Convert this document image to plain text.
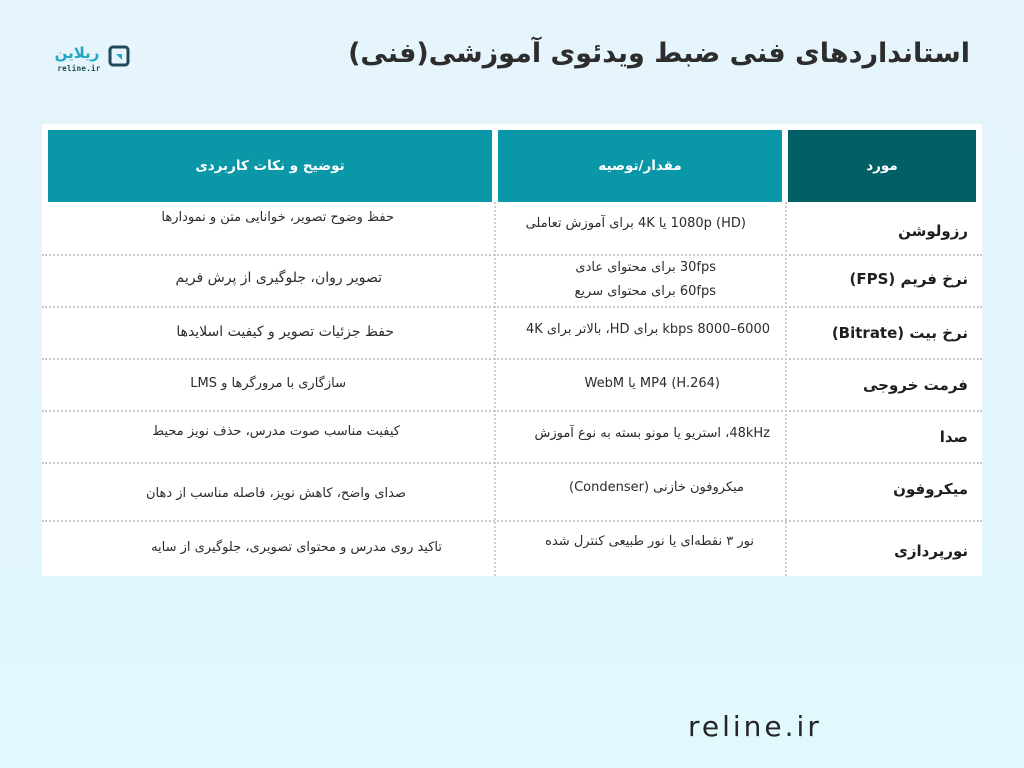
استانداردهای فنی ضبط ویدئوی آموزشی(فنی)
ریلاین
reline.ir
مورد
مقدار/توصیه
توضیح و نکات کاربردی
رزولوشن
1080p (HD) یا 4K برای آموزش تعاملی
حفظ وضوح تصویر، خوانایی متن و نمودارها
نرخ فریم (FPS)
30fps برای محتوای عادی
60fps برای محتوای سریع
تصویر روان، جلوگیری از پرش فریم
نرخ بیت (Bitrate)
6000–8000 kbps برای HD، بالاتر برای 4K
حفظ جزئیات تصویر و کیفیت اسلایدها
فرمت خروجی
MP4 (H.264) یا WebM
سازگاری با مرورگرها و LMS
صدا
48kHz، استریو یا مونو بسته به نوع آموزش
کیفیت مناسب صوت مدرس، حذف نویز محیط
میکروفون
میکروفون خازنی (Condenser)
صدای واضح، کاهش نویز، فاصله مناسب از دهان
نورپردازی
نور ۳ نقطه‌ای یا نور طبیعی کنترل شده
تاکید روی مدرس و محتوای تصویری، جلوگیری از سایه
reline.ir
